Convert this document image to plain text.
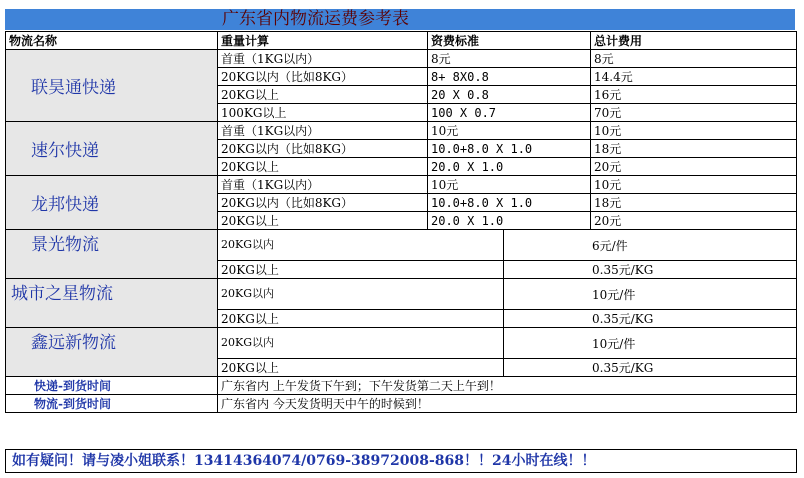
广东省内物流运费参考表
物流名称	重量计算	资费标准		总计费用
联昊通快递	首重（1KG以内）	8元		8元
	20KG以内（比如8KG）	8+ 8X0.8		14.4元
	20KG以上	20 X 0.8		16元
	100KG以上	100 X 0.7		70元
速尔快递	首重（1KG以内）	10元		10元
	20KG以内（比如8KG）	10.0+8.0 X 1.0		18元
	20KG以上	20.0 X 1.0		20元
龙邦快递	首重（1KG以内）	10元		10元
	20KG以内（比如8KG）	10.0+8.0 X 1.0		18元
	20KG以上	20.0 X 1.0		20元
景光物流	20KG以内		6元/件	
	20KG以上		0.35元/KG	
城市之星物流	20KG以内		10元/件	
	20KG以上		0.35元/KG	
鑫远新物流	20KG以内		10元/件	
	20KG以上		0.35元/KG	
快递-到货时间	广东省内 上午发货下午到；下午发货第二天上午到！			
物流-到货时间	广东省内 今天发货明天中午的时候到！			
如有疑问！请与凌小姐联系！13414364074/0769-38972008-868！！24小时在线！！
